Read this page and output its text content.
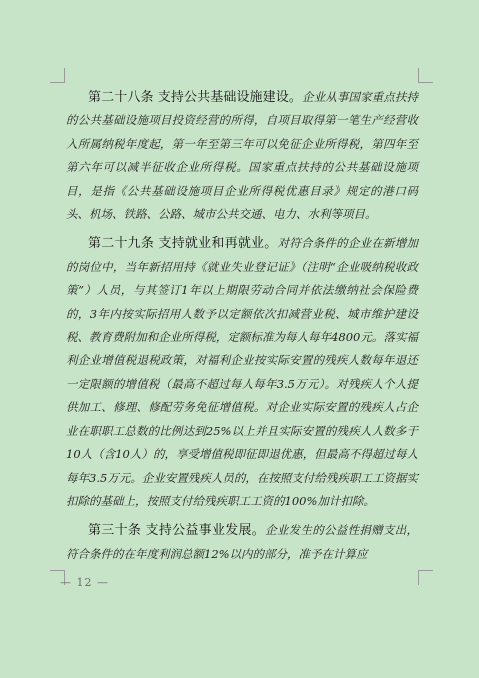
第二十八条 支持公共基础设施建设。企业从事国家重点扶持的公共基础设施项目投资经营的所得，自项目取得第一笔生产经营收入所属纳税年度起，第一年至第三年可以免征企业所得税，第四年至第六年可以减半征收企业所得税。国家重点扶持的公共基础设施项目，是指《公共基础设施项目企业所得税优惠目录》规定的港口码头、机场、铁路、公路、城市公共交通、电力、水利等项目。

第二十九条 支持就业和再就业。对符合条件的企业在新增加的岗位中，当年新招用持《就业失业登记证》（注明“企业吸纳税收政策”）人员，与其签订1年以上期限劳动合同并依法缴纳社会保险费的，3年内按实际招用人数予以定额依次扣减营业税、城市维护建设税、教育费附加和企业所得税，定额标准为每人每年4800元。落实福利企业增值税退税政策，对福利企业按实际安置的残疾人数每年退还一定限额的增值税（最高不超过每人每年3.5万元）。对残疾人个人提供加工、修理、修配劳务免征增值税。对企业实际安置的残疾人占企业在职职工总数的比例达到25%以上并且实际安置的残疾人人数多于10人（含10人）的，享受增值税即征即退优惠，但最高不得超过每人每年3.5万元。企业安置残疾人员的，在按照支付给残疾职工工资据实扣除的基础上，按照支付给残疾职工工资的100%加计扣除。

第三十条 支持公益事业发展。企业发生的公益性捐赠支出，符合条件的在年度利润总额12%以内的部分，准予在计算应

— 12 —
